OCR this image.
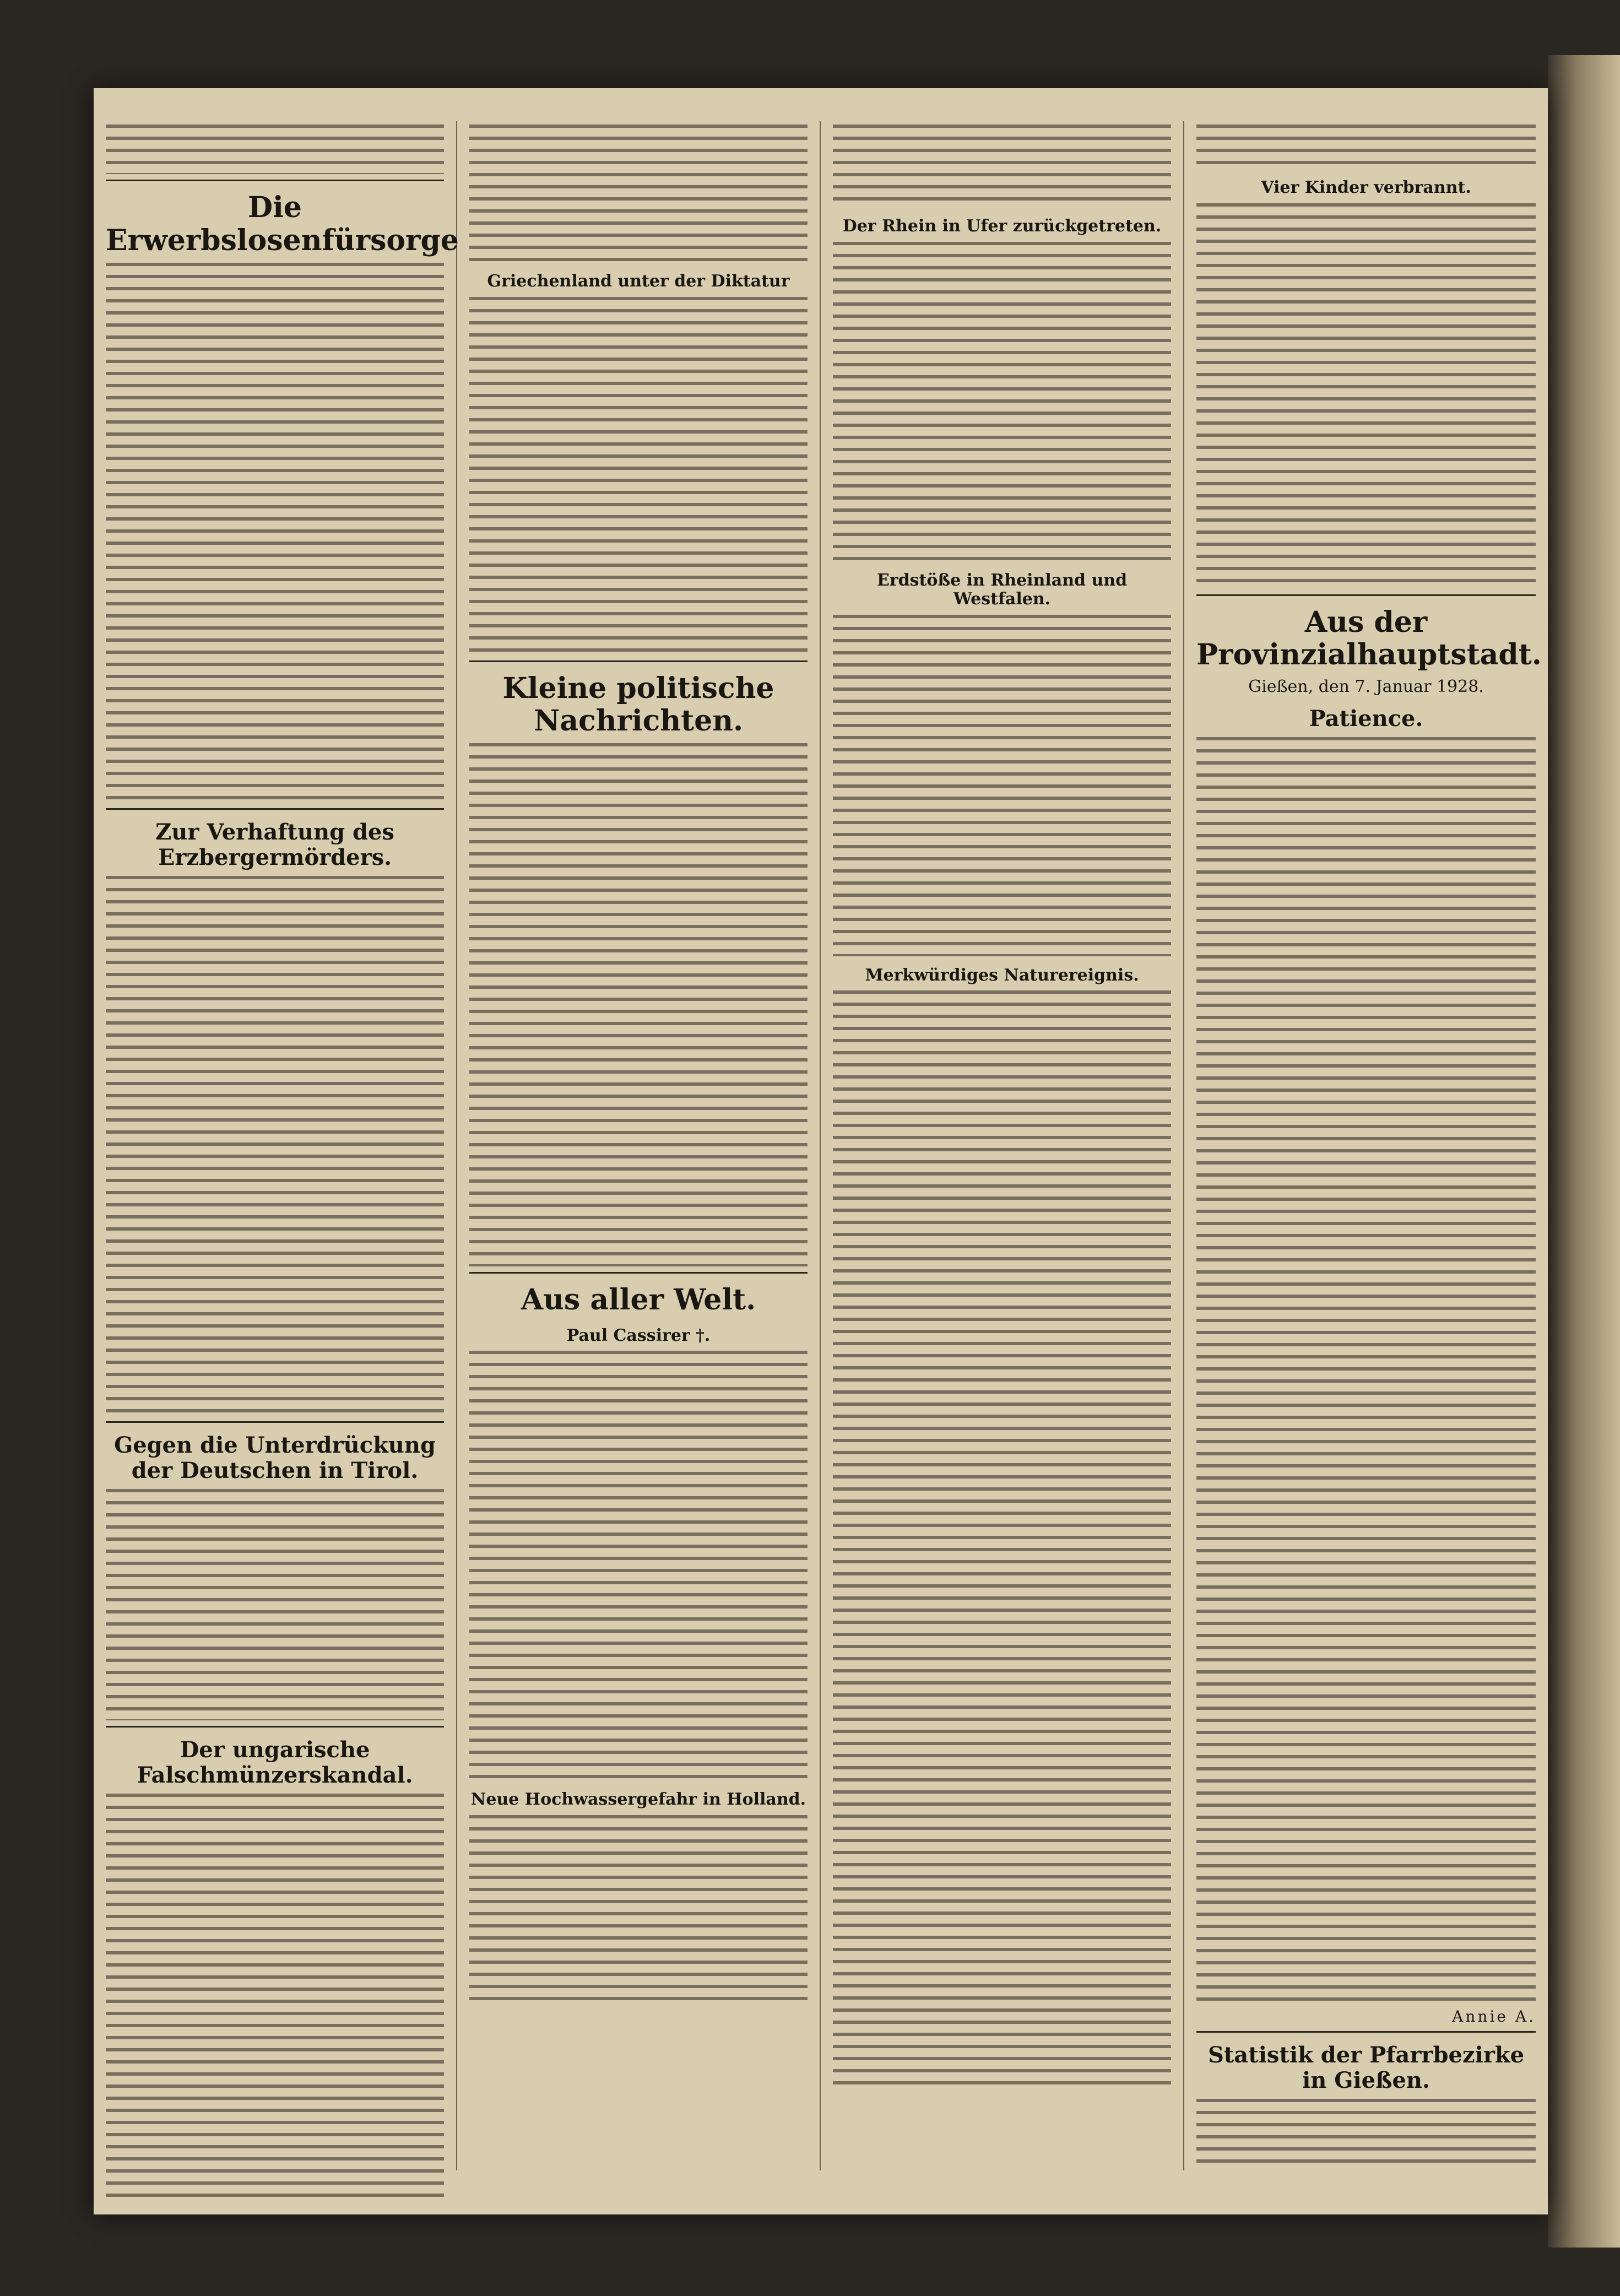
Die Erwerbslosenfürsorge
Zur Verhaftung des Erzbergermörders.
Gegen die Unterdrückung der Deutschen in Tirol.
Der ungarische Falschmünzerskandal.
Griechenland unter der Diktatur
Kleine politische Nachrichten.
Aus aller Welt.
Paul Cassirer †.
Neue Hochwassergefahr in Holland.
Der Rhein in Ufer zurückgetreten.
Erdstöße in Rheinland und Westfalen.
Merkwürdiges Naturereignis.
Vier Kinder verbrannt.
Aus der Provinzialhauptstadt.
Gießen, den 7. Januar 1928.
Patience.
Annie A.
Statistik der Pfarrbezirke in Gießen.
